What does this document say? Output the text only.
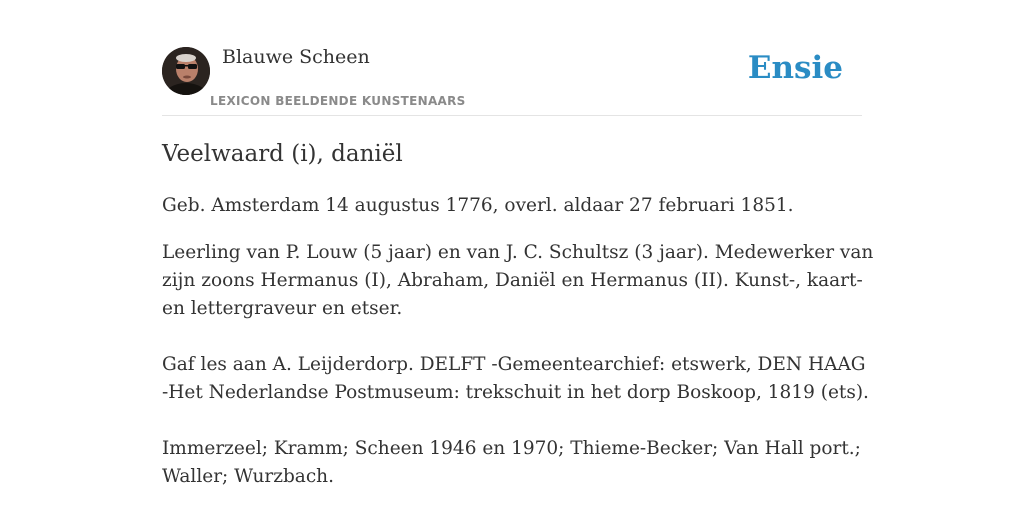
Blauwe Scheen
LEXICON BEELDENDE KUNSTENAARS
Ensie
Veelwaard (i), daniël

Geb. Amsterdam 14 augustus 1776, overl. aldaar 27 februari 1851.

Leerling van P. Louw (5 jaar) en van J. C. Schultsz (3 jaar). Medewerker van zijn zoons Hermanus (I), Abraham, Daniël en Hermanus (II). Kunst-, kaart- en lettergraveur en etser.

Gaf les aan A. Leijderdorp. DELFT -Gemeentearchief: etswerk, DEN HAAG -Het Nederlandse Postmuseum: trekschuit in het dorp Boskoop, 1819 (ets).

Immerzeel; Kramm; Scheen 1946 en 1970; Thieme-Becker; Van Hall port.; Waller; Wurzbach.
